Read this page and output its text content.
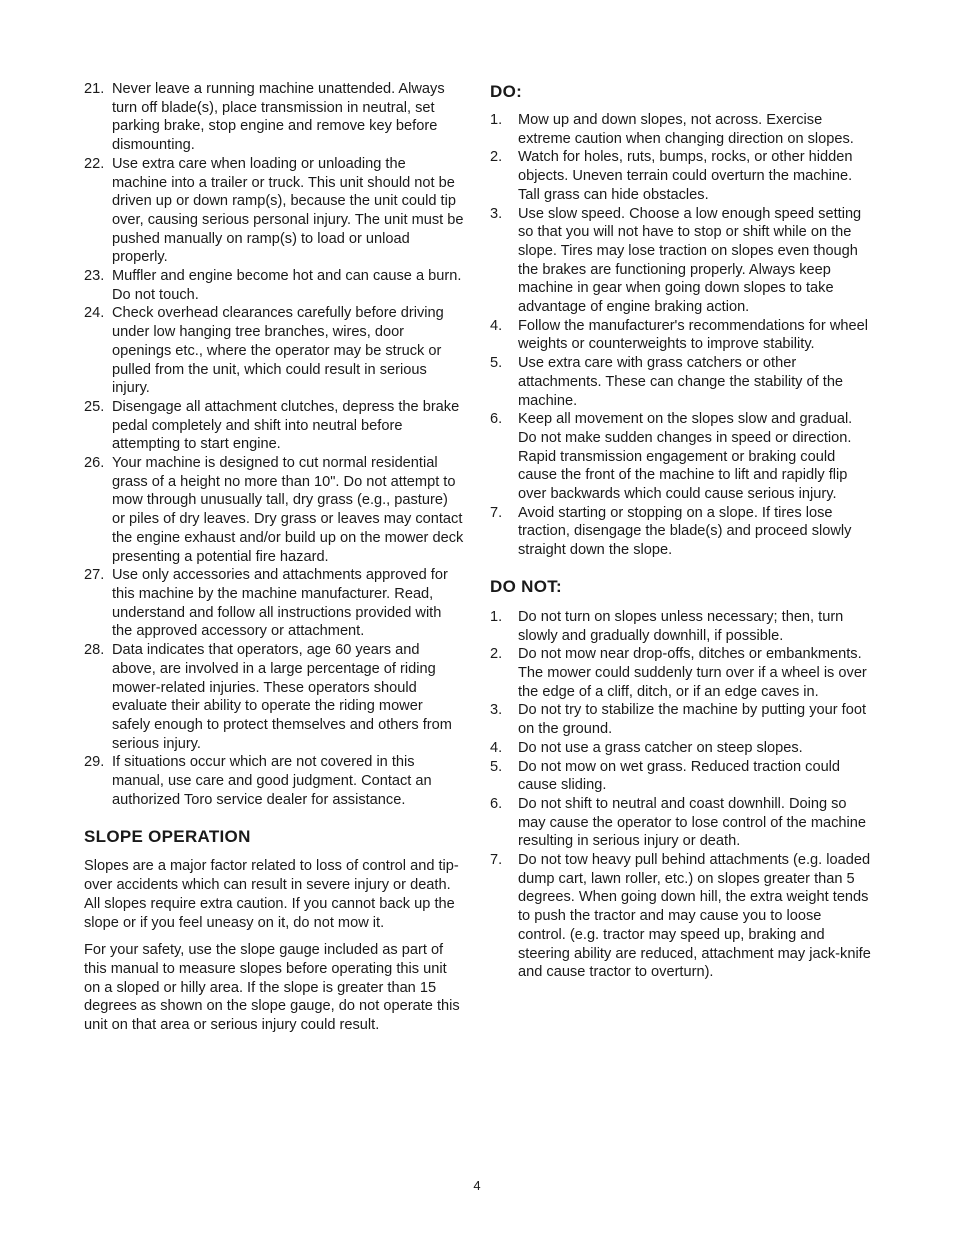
21. Never leave a running machine unattended. Always turn off blade(s), place transmission in neutral, set parking brake, stop engine and remove key before dismounting.
22. Use extra care when loading or unloading the machine into a trailer or truck. This unit should not be driven up or down ramp(s), because the unit could tip over, causing serious personal injury. The unit must be pushed manually on ramp(s) to load or unload properly.
23. Muffler and engine become hot and can cause a burn. Do not touch.
24. Check overhead clearances carefully before driving under low hanging tree branches, wires, door openings etc., where the operator may be struck or pulled from the unit, which could result in serious injury.
25. Disengage all attachment clutches, depress the brake pedal completely and shift into neutral before attempting to start engine.
26. Your machine is designed to cut normal residential grass of a height no more than 10". Do not attempt to mow through unusually tall, dry grass (e.g., pasture) or piles of dry leaves. Dry grass or leaves may contact the engine exhaust and/or build up on the mower deck presenting a potential fire hazard.
27. Use only accessories and attachments approved for this machine by the machine manufacturer. Read, understand and follow all instructions provided with the approved accessory or attachment.
28. Data indicates that operators, age 60 years and above, are involved in a large percentage of riding mower-related injuries. These operators should evaluate their ability to operate the riding mower safely enough to protect themselves and others from serious injury.
29. If situations occur which are not covered in this manual, use care and good judgment. Contact an authorized Toro service dealer for assistance.
SLOPE OPERATION

Slopes are a major factor related to loss of control and tip-over accidents which can result in severe injury or death. All slopes require extra caution. If you cannot back up the slope or if you feel uneasy on it, do not mow it.

For your safety, use the slope gauge included as part of this manual to measure slopes before operating this unit on a sloped or hilly area. If the slope is greater than 15 degrees as shown on the slope gauge, do not operate this unit on that area or serious injury could result.

DO:
1. Mow up and down slopes, not across. Exercise extreme caution when changing direction on slopes.
2. Watch for holes, ruts, bumps, rocks, or other hidden objects. Uneven terrain could overturn the machine. Tall grass can hide obstacles.
3. Use slow speed. Choose a low enough speed setting so that you will not have to stop or shift while on the slope. Tires may lose traction on slopes even though the brakes are functioning properly. Always keep machine in gear when going down slopes to take advantage of engine braking action.
4. Follow the manufacturer's recommendations for wheel weights or counterweights to improve stability.
5. Use extra care with grass catchers or other attachments. These can change the stability of the machine.
6. Keep all movement on the slopes slow and gradual. Do not make sudden changes in speed or direction. Rapid transmission engagement or braking could cause the front of the machine to lift and rapidly flip over backwards which could cause serious injury.
7. Avoid starting or stopping on a slope. If tires lose traction, disengage the blade(s) and proceed slowly straight down the slope.
DO NOT:
1. Do not turn on slopes unless necessary; then, turn slowly and gradually downhill, if possible.
2. Do not mow near drop-offs, ditches or embankments. The mower could suddenly turn over if a wheel is over the edge of a cliff, ditch, or if an edge caves in.
3. Do not try to stabilize the machine by putting your foot on the ground.
4. Do not use a grass catcher on steep slopes.
5. Do not mow on wet grass. Reduced traction could cause sliding.
6. Do not shift to neutral and coast downhill. Doing so may cause the operator to lose control of the machine resulting in serious injury or death.
7. Do not tow heavy pull behind attachments (e.g. loaded dump cart, lawn roller, etc.) on slopes greater than 5 degrees. When going down hill, the extra weight tends to push the tractor and may cause you to loose control. (e.g. tractor may speed up, braking and steering ability are reduced, attachment may jack-knife and cause tractor to overturn).
4
